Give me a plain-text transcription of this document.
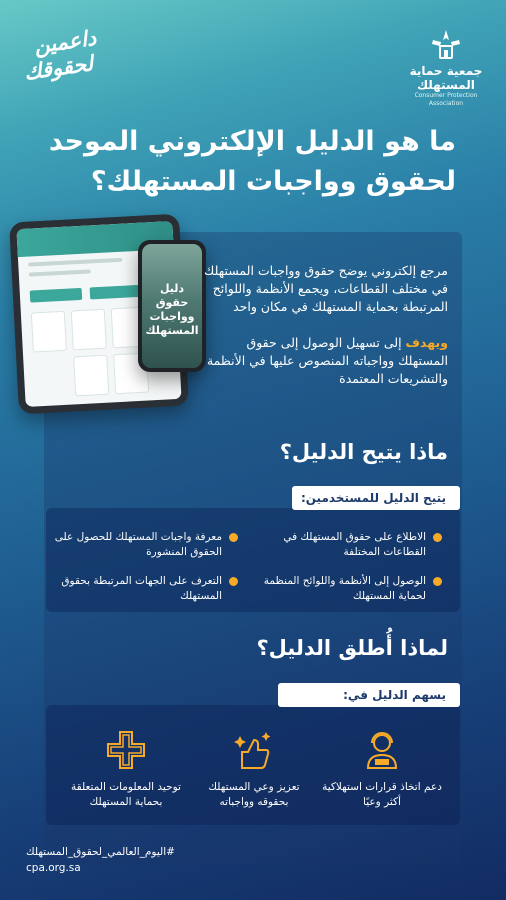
جمعية حماية المستهلك
Consumer Protection Association
داعمين
لحقوقك
ما هو الدليل الإلكتروني الموحد
لحقوق وواجبات المستهلك؟
دليل
حقوق
وواجبات
المستهلك

مرجع إلكتروني يوضح حقوق وواجبات المستهلك في مختلف القطاعات، ويجمع الأنظمة واللوائح المرتبطة بحماية المستهلك في مكان واحد

ويهدف إلى تسهيل الوصول إلى حقوق المستهلك وواجباته المنصوص عليها في الأنظمة والتشريعات المعتمدة

ماذا يتيح الدليل؟
يتيح الدليل للمستخدمين:
الاطلاع على حقوق المستهلك في القطاعات المختلفة
معرفة واجبات المستهلك للحصول على الحقوق المنشورة
الوصول إلى الأنظمة واللوائح المنظمة لحماية المستهلك
التعرف على الجهات المرتبطة بحقوق المستهلك
لماذا أُطلق الدليل؟
يسهم الدليل في:
دعم اتخاذ قرارات استهلاكية أكثر وعيًا
تعزيز وعي المستهلك بحقوقه وواجباته
توحيد المعلومات المتعلقة بحماية المستهلك
#اليوم_العالمي_لحقوق_المستهلك
cpa.org.sa
